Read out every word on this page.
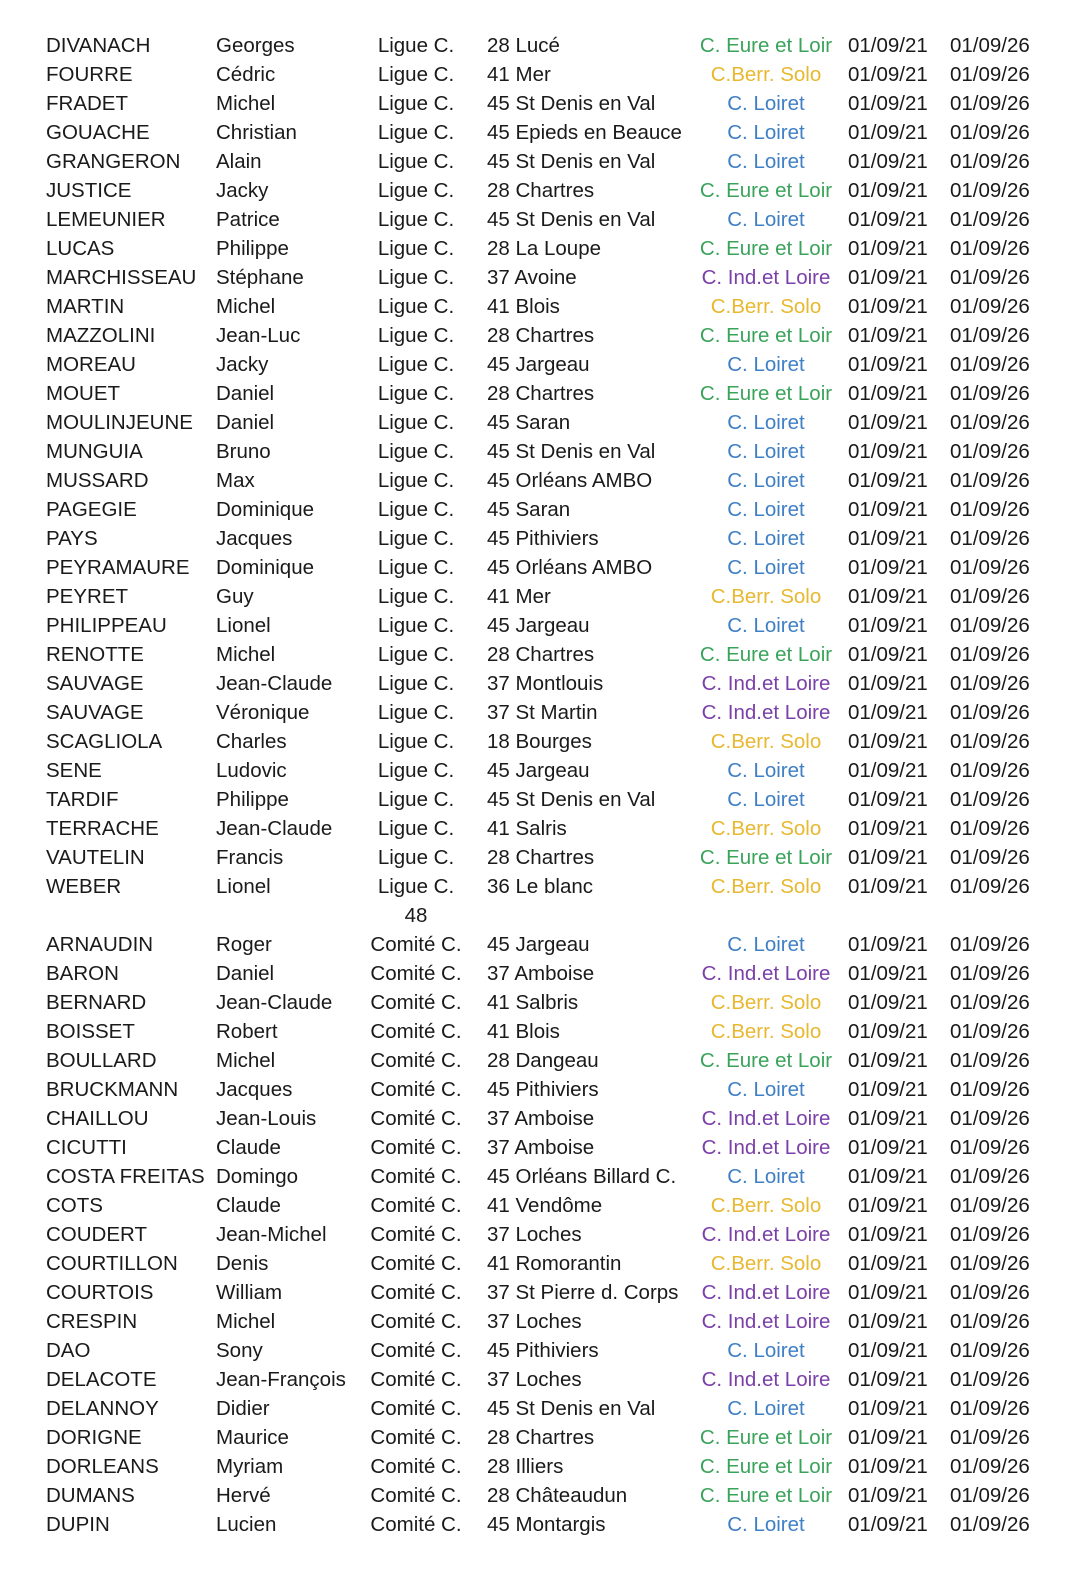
DIVANACH	Georges	Ligue C.	28 Lucé	C. Eure et Loir 01/09/21 01/09/26
FOURRE	Cédric	Ligue C.	41 Mer	C.Berr. Solo	01/09/21 01/09/26
FRADET	Michel	Ligue C.	45 St Denis en Val	C. Loiret	01/09/21 01/09/26
GOUACHE	Christian	Ligue C.	45 Epieds en Beauce	C. Loiret	01/09/21 01/09/26
GRANGERON Alain	Ligue C.	45 St Denis en Val	C. Loiret	01/09/21 01/09/26
JUSTICE	Jacky	Ligue C.	28 Chartres	C. Eure et Loir 01/09/21 01/09/26
LEMEUNIER Patrice	Ligue C.	45 St Denis en Val	C. Loiret	01/09/21 01/09/26
LUCAS	Philippe	Ligue C.	28 La Loupe	C. Eure et Loir 01/09/21 01/09/26
MARCHISSEAU Stéphane	Ligue C.	37 Avoine	C. Ind.et Loire 01/09/21 01/09/26
MARTIN	Michel	Ligue C.	41 Blois	C.Berr. Solo	01/09/21 01/09/26
MAZZOLINI	Jean-Luc	Ligue C.	28 Chartres	C. Eure et Loir 01/09/21 01/09/26
MOREAU	Jacky	Ligue C.	45 Jargeau	C. Loiret	01/09/21 01/09/26
MOUET	Daniel	Ligue C.	28 Chartres	C. Eure et Loir 01/09/21 01/09/26
MOULINJEUNE Daniel	Ligue C.	45 Saran	C. Loiret	01/09/21 01/09/26
MUNGUIA	Bruno	Ligue C.	45 St Denis en Val	C. Loiret	01/09/21 01/09/26
MUSSARD	Max	Ligue C.	45 Orléans AMBO	C. Loiret	01/09/21 01/09/26
PAGEGIE	Dominique	Ligue C.	45 Saran	C. Loiret	01/09/21 01/09/26
PAYS	Jacques	Ligue C.	45 Pithiviers	C. Loiret	01/09/21 01/09/26
PEYRAMAURE Dominique	Ligue C.	45 Orléans AMBO	C. Loiret	01/09/21 01/09/26
PEYRET	Guy	Ligue C.	41 Mer	C.Berr. Solo	01/09/21 01/09/26
PHILIPPEAU Lionel	Ligue C.	45 Jargeau	C. Loiret	01/09/21 01/09/26
RENOTTE	Michel	Ligue C.	28 Chartres	C. Eure et Loir 01/09/21 01/09/26
SAUVAGE	Jean-Claude	Ligue C.	37 Montlouis	C. Ind.et Loire 01/09/21 01/09/26
SAUVAGE	Véronique	Ligue C.	37 St Martin	C. Ind.et Loire 01/09/21 01/09/26
SCAGLIOLA	Charles	Ligue C.	18 Bourges	C.Berr. Solo	01/09/21 01/09/26
SENE	Ludovic	Ligue C.	45 Jargeau	C. Loiret	01/09/21 01/09/26
TARDIF	Philippe	Ligue C.	45 St Denis en Val	C. Loiret	01/09/21 01/09/26
TERRACHE	Jean-Claude	Ligue C.	41 Salris	C.Berr. Solo	01/09/21 01/09/26
VAUTELIN	Francis	Ligue C.	28 Chartres	C. Eure et Loir 01/09/21 01/09/26
WEBER	Lionel	Ligue C.	36 Le blanc	C.Berr. Solo	01/09/21 01/09/26
48
ARNAUDIN	Roger	Comité C.	45 Jargeau	C. Loiret	01/09/21 01/09/26
BARON	Daniel	Comité C.	37 Amboise	C. Ind.et Loire 01/09/21 01/09/26
BERNARD	Jean-Claude	Comité C.	41 Salbris	C.Berr. Solo	01/09/21 01/09/26
BOISSET	Robert	Comité C.	41 Blois	C.Berr. Solo	01/09/21 01/09/26
BOULLARD	Michel	Comité C.	28 Dangeau	C. Eure et Loir 01/09/21 01/09/26
BRUCKMANN Jacques	Comité C.	45 Pithiviers	C. Loiret	01/09/21 01/09/26
CHAILLOU	Jean-Louis	Comité C.	37 Amboise	C. Ind.et Loire 01/09/21 01/09/26
CICUTTI	Claude	Comité C.	37 Amboise	C. Ind.et Loire 01/09/21 01/09/26
COSTA FREITAS Domingo	Comité C.	45 Orléans Billard C.	C. Loiret	01/09/21 01/09/26
COTS	Claude	Comité C.	41 Vendôme	C.Berr. Solo	01/09/21 01/09/26
COUDERT	Jean-Michel	Comité C.	37 Loches	C. Ind.et Loire 01/09/21 01/09/26
COURTILLON Denis	Comité C.	41 Romorantin	C.Berr. Solo	01/09/21 01/09/26
COURTOIS	William	Comité C.	37 St Pierre d. Corps	C. Ind.et Loire 01/09/21 01/09/26
CRESPIN	Michel	Comité C.	37 Loches	C. Ind.et Loire 01/09/21 01/09/26
DAO	Sony	Comité C.	45 Pithiviers	C. Loiret	01/09/21 01/09/26
DELACOTE	Jean-François	Comité C.	37 Loches	C. Ind.et Loire 01/09/21 01/09/26
DELANNOY	Didier	Comité C.	45 St Denis en Val	C. Loiret	01/09/21 01/09/26
DORIGNE	Maurice	Comité C.	28 Chartres	C. Eure et Loir 01/09/21 01/09/26
DORLEANS	Myriam	Comité C.	28 Illiers	C. Eure et Loir 01/09/21 01/09/26
DUMANS	Hervé	Comité C.	28 Châteaudun	C. Eure et Loir 01/09/21 01/09/26
DUPIN	Lucien	Comité C.	45 Montargis	C. Loiret	01/09/21 01/09/26
